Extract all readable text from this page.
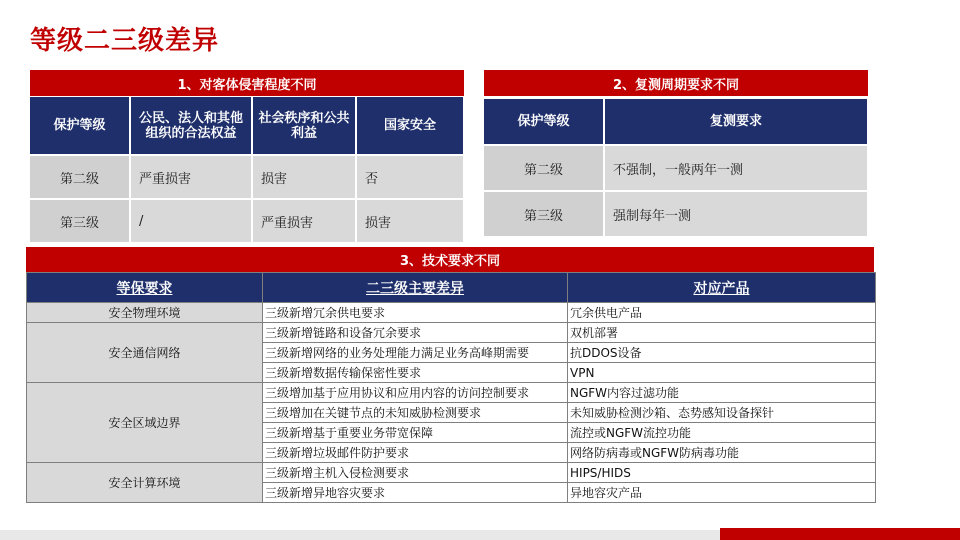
等级二三级差异
1、对客体侵害程度不同
保护等级	公民、法人和其他组织的合法权益	社会秩序和公共利益	国家安全
第二级	严重损害	损害	否
第三级	/	严重损害	损害
2、复测周期要求不同
保护等级	复测要求
第二级	不强制，一般两年一测
第三级	强制每年一测
3、技术要求不同
等保要求	二三级主要差异	对应产品
安全物理环境	三级新增冗余供电要求	冗余供电产品
安全通信网络	三级新增链路和设备冗余要求	双机部署
	三级新增网络的业务处理能力满足业务高峰期需要	抗DDOS设备
	三级新增数据传输保密性要求	VPN
安全区域边界	三级增加基于应用协议和应用内容的访问控制要求	NGFW内容过滤功能
	三级增加在关键节点的未知威胁检测要求	未知威胁检测沙箱、态势感知设备探针
	三级新增基于重要业务带宽保障	流控或NGFW流控功能
	三级新增垃圾邮件防护要求	网络防病毒或NGFW防病毒功能
安全计算环境	三级新增主机入侵检测要求	HIPS/HIDS
	三级新增异地容灾要求	异地容灾产品
